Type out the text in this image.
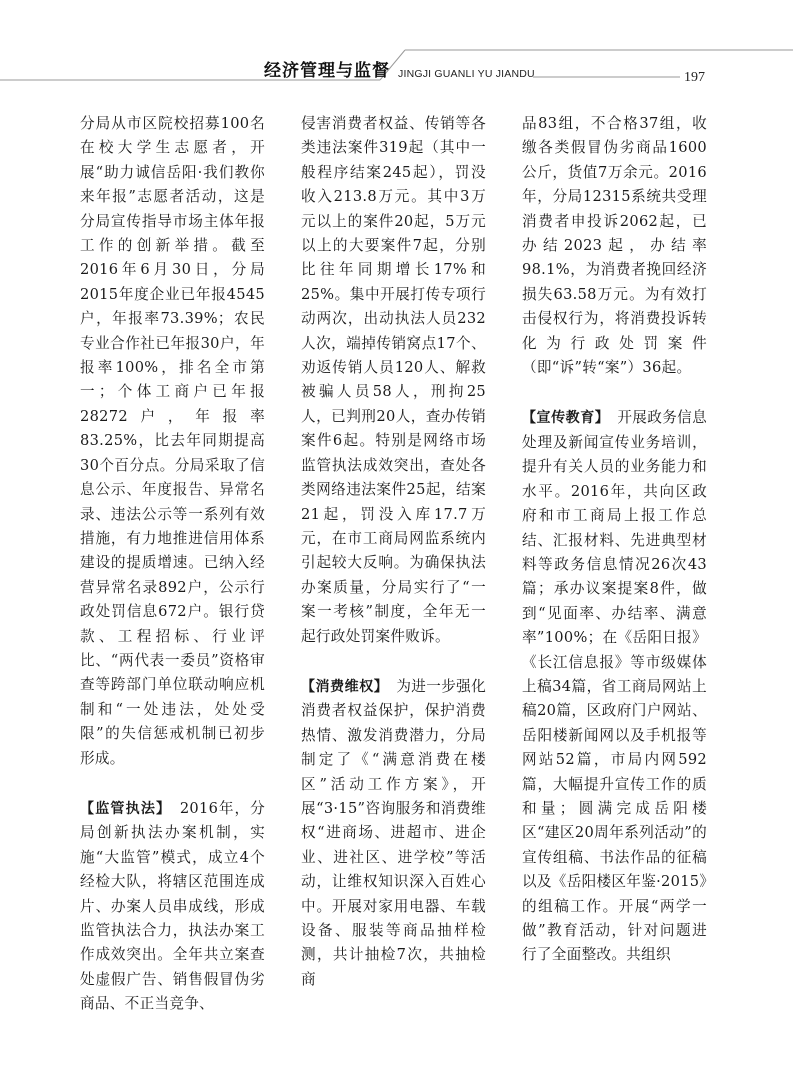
经济管理与监督 JINGJI GUANLI YU JIANDU	197

分局从市区院校招募100名在校大学生志愿者，开展“助力诚信岳阳·我们教你来年报”志愿者活动，这是分局宣传指导市场主体年报工作的创新举措。截至2016年6月30日，分局2015年度企业已年报4545户，年报率73.39%；农民专业合作社已年报30户，年报率100%，排名全市第一；个体工商户已年报28272户，年报率83.25%，比去年同期提高30个百分点。分局采取了信息公示、年度报告、异常名录、违法公示等一系列有效措施，有力地推进信用体系建设的提质增速。已纳入经营异常名录892户，公示行政处罚信息672户。银行贷款、工程招标、行业评比、“两代表一委员”资格审查等跨部门单位联动响应机制和“一处违法，处处受限”的失信惩戒机制已初步形成。

【监管执法】　2016年，分局创新执法办案机制，实施“大监管”模式，成立4个经检大队，将辖区范围连成片、办案人员串成线，形成监管执法合力，执法办案工作成效突出。全年共立案查处虚假广告、销售假冒伪劣商品、不正当竞争、

侵害消费者权益、传销等各类违法案件319起（其中一般程序结案245起），罚没收入213.8万元。其中3万元以上的案件20起，5万元以上的大要案件7起，分别比往年同期增长17%和25%。集中开展打传专项行动两次，出动执法人员232人次，端掉传销窝点17个、劝返传销人员120人、解救被骗人员58人，刑拘25人，已判刑20人，查办传销案件6起。特别是网络市场监管执法成效突出，查处各类网络违法案件25起，结案21起，罚没入库17.7万元，在市工商局网监系统内引起较大反响。为确保执法办案质量，分局实行了“一案一考核”制度，全年无一起行政处罚案件败诉。

【消费维权】　为进一步强化消费者权益保护，保护消费热情、激发消费潜力，分局制定了《“满意消费在楼区”活动工作方案》，开展“3·15”咨询服务和消费维权“进商场、进超市、进企业、进社区、进学校”等活动，让维权知识深入百姓心中。开展对家用电器、车载设备、服装等商品抽样检测，共计抽检7次，共抽检商

品83组，不合格37组，收缴各类假冒伪劣商品1600公斤，货值7万余元。2016年，分局12315系统共受理消费者申投诉2062起，已办结2023起，办结率98.1%，为消费者挽回经济损失63.58万元。为有效打击侵权行为，将消费投诉转化为行政处罚案件（即“诉”转“案”）36起。

【宣传教育】　开展政务信息处理及新闻宣传业务培训，提升有关人员的业务能力和水平。2016年，共向区政府和市工商局上报工作总结、汇报材料、先进典型材料等政务信息情况26次43篇；承办议案提案8件，做到“见面率、办结率、满意率”100%；在《岳阳日报》《长江信息报》等市级媒体上稿34篇，省工商局网站上稿20篇，区政府门户网站、岳阳楼新闻网以及手机报等网站52篇，市局内网592篇，大幅提升宣传工作的质和量；圆满完成岳阳楼区“建区20周年系列活动”的宣传组稿、书法作品的征稿以及《岳阳楼区年鉴·2015》的组稿工作。开展“两学一做”教育活动，针对问题进行了全面整改。共组织
